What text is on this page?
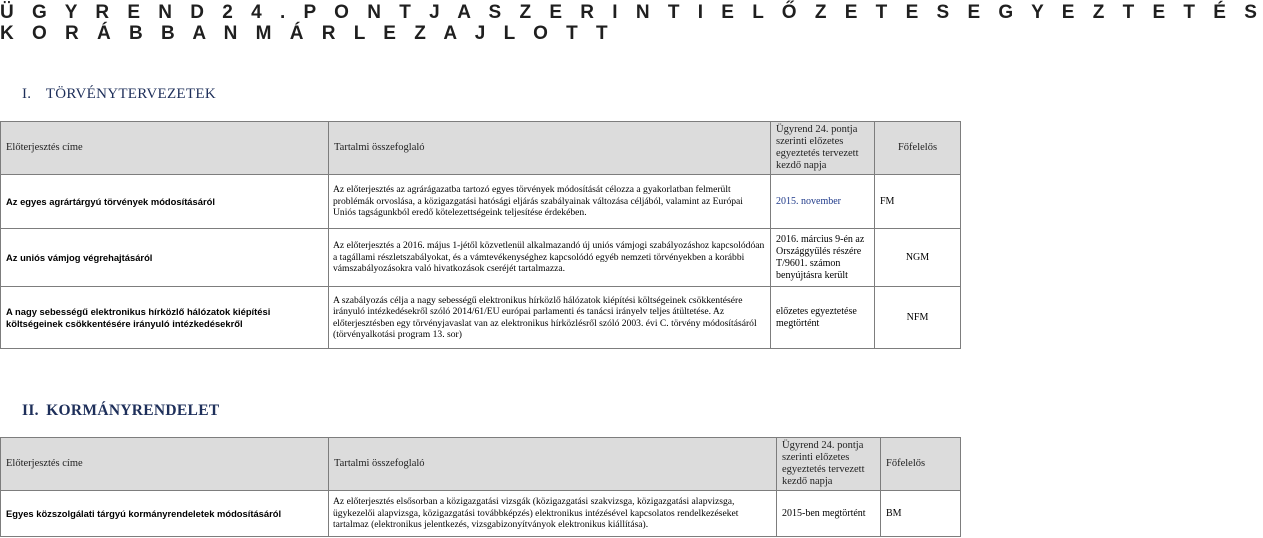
Ü G Y R E N D 2 4 . P O N T J A S Z E R I N T I E L Ő Z E T E S E G Y E Z T E T É S
K O R Á B B A N M Á R L E Z A J L O T T
I. TÖRVÉNYTERVEZETEK
Előterjesztés címe	Tartalmi összefoglaló	Ügyrend 24. pontja szerinti előzetes egyeztetés tervezett kezdő napja	Főfelelős
Az egyes agrártárgyú törvények módosításáról	Az előterjesztés az agrárágazatba tartozó egyes törvények módosítását célozza a gyakorlatban felmerült problémák orvoslása, a közigazgatási hatósági eljárás szabályainak változása céljából, valamint az Európai Uniós tagságunkból eredő kötelezettségeink teljesítése érdekében.	2015. november	FM
Az uniós vámjog végrehajtásáról	Az előterjesztés a 2016. május 1-jétől közvetlenül alkalmazandó új uniós vámjogi szabályozáshoz kapcsolódóan a tagállami részletszabályokat, és a vámtevékenységhez kapcsolódó egyéb nemzeti törvényekben a korábbi vámszabályozásokra való hivatkozások cseréjét tartalmazza.	2016. március 9-én az Országgyűlés részére T/9601. számon benyújtásra került	NGM
A nagy sebességű elektronikus hírközlő hálózatok kiépítési költségeinek csökkentésére irányuló intézkedésekről	A szabályozás célja a nagy sebességű elektronikus hírközlő hálózatok kiépítési költségeinek csökkentésére irányuló intézkedésekről szóló 2014/61/EU európai parlamenti és tanácsi irányelv teljes átültetése. Az előterjesztésben egy törvényjavaslat van az elektronikus hírközlésről szóló 2003. évi C. törvény módosításáról (törvényalkotási program 13. sor)	előzetes egyeztetése megtörtént	NFM
II. KORMÁNYRENDELET
Előterjesztés címe	Tartalmi összefoglaló	Ügyrend 24. pontja szerinti előzetes egyeztetés tervezett kezdő napja	Főfelelős
Egyes közszolgálati tárgyú kormányrendeletek módosításáról	Az előterjesztés elsősorban a közigazgatási vizsgák (közigazgatási szakvizsga, közigazgatási alapvizsga, ügykezelői alapvizsga, közigazgatási továbbképzés) elektronikus intézésével kapcsolatos rendelkezéseket tartalmaz (elektronikus jelentkezés, vizsgabizonyítványok elektronikus kiállítása).	2015-ben megtörtént	BM
